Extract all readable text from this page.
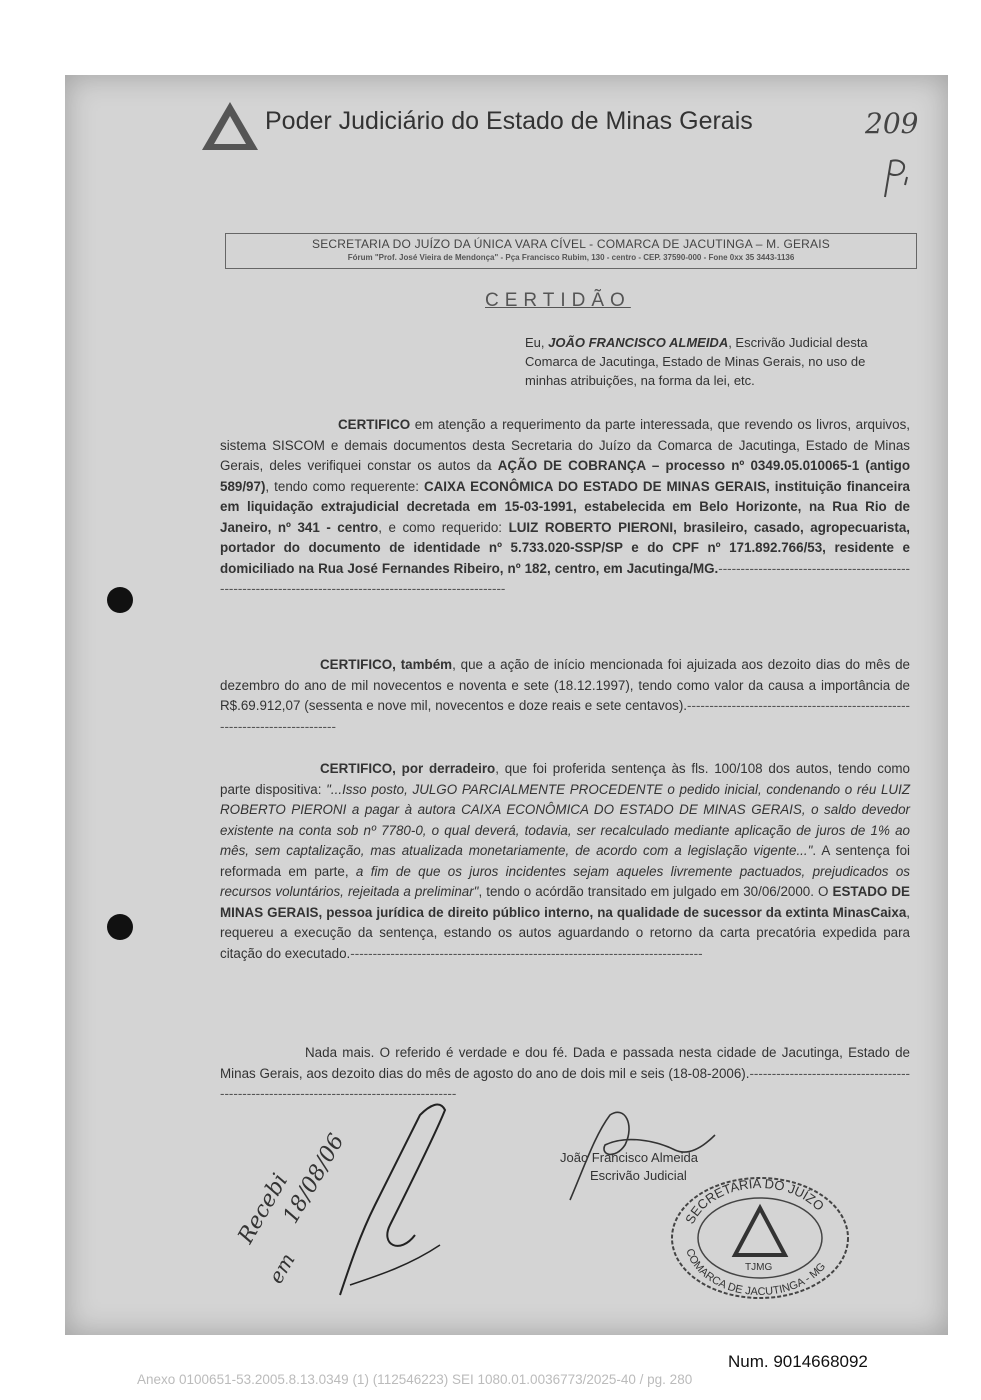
Poder Judiciário do Estado de Minas Gerais	209
SECRETARIA DO JUÍZO DA ÚNICA VARA CÍVEL - COMARCA DE JACUTINGA – M. GERAIS
Fórum "Prof. José Vieira de Mendonça" - Pça Francisco Rubim, 130 - centro - CEP. 37590-000 - Fone 0xx 35 3443-1136
CERTIDÃO
Eu, JOÃO FRANCISCO ALMEIDA, Escrivão Judicial desta Comarca de Jacutinga, Estado de Minas Gerais, no uso de minhas atribuições, na forma da lei, etc.
CERTIFICO em atenção a requerimento da parte interessada, que revendo os livros, arquivos, sistema SISCOM e demais documentos desta Secretaria do Juízo da Comarca de Jacutinga, Estado de Minas Gerais, deles verifiquei constar os autos da AÇÃO DE COBRANÇA – processo nº 0349.05.010065-1 (antigo 589/97), tendo como requerente: CAIXA ECONÔMICA DO ESTADO DE MINAS GERAIS, instituição financeira em liquidação extrajudicial decretada em 15-03-1991, estabelecida em Belo Horizonte, na Rua Rio de Janeiro, nº 341 - centro, e como requerido: LUIZ ROBERTO PIERONI, brasileiro, casado, agropecuarista, portador do documento de identidade nº 5.733.020-SSP/SP e do CPF nº 171.892.766/53, residente e domiciliado na Rua José Fernandes Ribeiro, nº 182, centro, em Jacutinga/MG.-----------------------------------------------------------------------------------------------------------
CERTIFICO, também, que a ação de início mencionada foi ajuizada aos dezoito dias do mês de dezembro do ano de mil novecentos e noventa e sete (18.12.1997), tendo como valor da causa a importância de R$.69.912,07 (sessenta e nove mil, novecentos e doze reais e sete centavos).----------------------------------------------------------------------------
CERTIFICO, por derradeiro, que foi proferida sentença às fls. 100/108 dos autos, tendo como parte dispositiva: "...Isso posto, JULGO PARCIALMENTE PROCEDENTE o pedido inicial, condenando o réu LUIZ ROBERTO PIERONI a pagar à autora CAIXA ECONÔMICA DO ESTADO DE MINAS GERAIS, o saldo devedor existente na conta sob nº 7780-0, o qual deverá, todavia, ser recalculado mediante aplicação de juros de 1% ao mês, sem captalização, mas atualizada monetariamente, de acordo com a legislação vigente...". A sentença foi reformada em parte, a fim de que os juros incidentes sejam aqueles livremente pactuados, prejudicados os recursos voluntários, rejeitada a preliminar", tendo o acórdão transitado em julgado em 30/06/2000. O ESTADO DE MINAS GERAIS, pessoa jurídica de direito público interno, na qualidade de sucessor da extinta MinasCaixa, requereu a execução da sentença, estando os autos aguardando o retorno da carta precatória expedida para citação do executado.-------------------------------------------------------------------------------
Nada mais. O referido é verdade e dou fé. Dada e passada nesta cidade de Jacutinga, Estado de Minas Gerais, aos dezoito dias do mês de agosto do ano de dois mil e seis (18-08-2006).-----------------------------------------------------------------------------------------
João Francisco Almeida
Escrivão Judicial
SECRETARIA DO JUÍZO
TJMG
COMARCA DE JACUTINGA - MG
Recebi
18/08/06
em
Num. 9014668092
Anexo 0100651-53.2005.8.13.0349 (1) (112546223) SEI 1080.01.0036773/2025-40 / pg. 280
